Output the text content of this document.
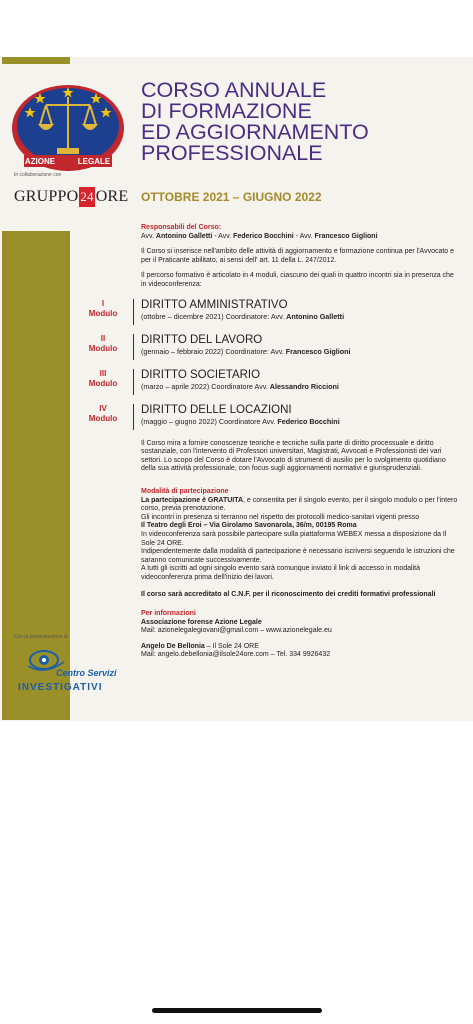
AZIONE	LEGALE
In collaborazione con
GRUPPO 24 ORE
CORSO ANNUALE
DI FORMAZIONE
ED AGGIORNAMENTO
PROFESSIONALE
OTTOBRE 2021 – GIUGNO 2022
Responsabili del Corso:
Avv. Antonino Galletti - Avv. Federico Bocchini - Avv. Francesco Giglioni
Il Corso si inserisce nell'ambito delle attività di aggiornamento e formazione continua per l'Avvocato e per il Praticante abilitato, ai sensi dell' art. 11 della L. 247/2012.
Il percorso formativo è articolato in 4 moduli, ciascuno dei quali in quattro incontri sia in presenza che in videoconferenza:
I
Modulo
DIRITTO AMMINISTRATIVO
(ottobre – dicembre 2021) Coordinatore: Avv. Antonino Galletti
II
Modulo
DIRITTO DEL LAVORO
(gennaio – febbraio 2022) Coordinatore: Avv. Francesco Giglioni
III
Modulo
DIRITTO SOCIETARIO
(marzo – aprile 2022) Coordinatore Avv. Alessandro Riccioni
IV
Modulo
DIRITTO DELLE LOCAZIONI
(maggio – giugno 2022) Coordinatore Avv. Federico Bocchini
Il Corso mira a fornire conoscenze teoriche e tecniche sulla parte di diritto processuale e diritto sostanziale, con l'intervento di Professori universitari, Magistrati, Avvocati e Professionisti dei vari settori. Lo scopo del Corso è dotare l'Avvocato di strumenti di ausilio per lo svolgimento quotidiano della sua attività professionale, con focus sugli aggiornamenti normativi e giurisprudenziali.
Modalità di partecipazione
La partecipazione è GRATUITA, e consentita per il singolo evento, per il singolo modulo o per l'intero corso, previa prenotazione.
Gli incontri in presenza si terranno nel rispetto dei protocolli medico-sanitari vigenti presso
Il Teatro degli Eroi – Via Girolamo Savonarola, 36/m, 00195 Roma
In videoconferenza sarà possibile partecipare sulla piattaforma WEBEX messa a disposizione da Il Sole 24 ORE.
Indipendentemente dalla modalità di partecipazione è necessario iscriversi seguendo le istruzioni che saranno comunicate successivamente.
A tutti gli iscritti ad ogni singolo evento sarà comunque inviato il link di accesso in modalità videoconferenza prima dell'inizio dei lavori.
Il corso sarà accreditato al C.N.F. per il riconoscimento dei crediti formativi professionali
Per informazioni
Associazione forense Azione Legale
Mail: azionelegalegiovani@gmail.com – www.azionelegale.eu
Angelo De Bellonia – Il Sole 24 ORE
Mail: angelo.debellonia@ilsole24ore.com – Tel. 334 9926432
Con la partecipazione di
Centro Servizi
INVESTIGATIVI
